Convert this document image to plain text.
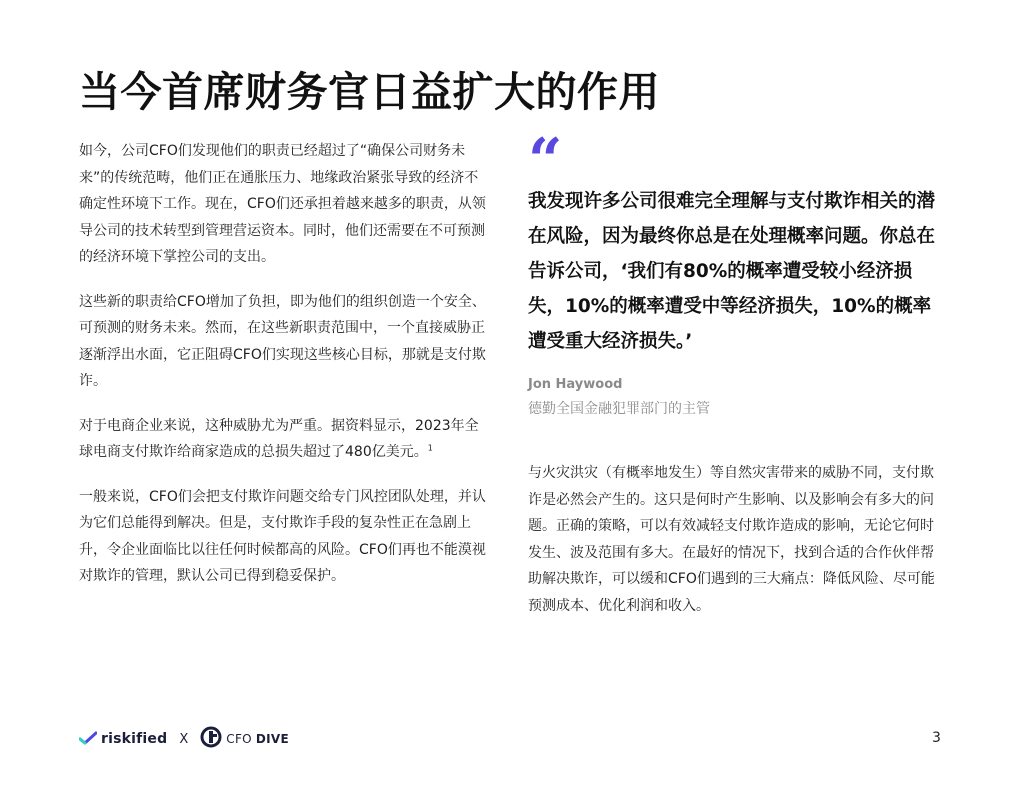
当今首席财务官日益扩大的作用

如今，公司CFO们发现他们的职责已经超过了“确保公司财务未来”的传统范畴，他们正在通胀压力、地缘政治紧张导致的经济不确定性环境下工作。现在，CFO们还承担着越来越多的职责，从领导公司的技术转型到管理营运资本。同时，他们还需要在不可预测的经济环境下掌控公司的支出。

这些新的职责给CFO增加了负担，即为他们的组织创造一个安全、可预测的财务未来。然而，在这些新职责范围中，一个直接威胁正逐渐浮出水面，它正阻碍CFO们实现这些核心目标，那就是支付欺诈。

对于电商企业来说，这种威胁尤为严重。据资料显示，2023年全球电商支付欺诈给商家造成的总损失超过了480亿美元。$^1$

一般来说，CFO们会把支付欺诈问题交给专门风控团队处理，并认为它们总能得到解决。但是，支付欺诈手段的复杂性正在急剧上升，令企业面临比以往任何时候都高的风险。CFO们再也不能漠视对欺诈的管理，默认公司已得到稳妥保护。

“

我发现许多公司很难完全理解与支付欺诈相关的潜在风险，因为最终你总是在处理概率问题。你总在告诉公司，‘我们有80%的概率遭受较小经济损失，10%的概率遭受中等经济损失，10%的概率遭受重大经济损失。’

Jon Haywood
德勤全国金融犯罪部门的主管

与火灾洪灾（有概率地发生）等自然灾害带来的威胁不同，支付欺诈是必然会产生的。这只是何时产生影响、以及影响会有多大的问题。正确的策略，可以有效减轻支付欺诈造成的影响，无论它何时发生、波及范围有多大。在最好的情况下，找到合适的合作伙伴帮助解决欺诈，可以缓和CFO们遇到的三大痛点：降低风险、尽可能预测成本、优化利润和收入。

riskified X	CFO DIVE	3
